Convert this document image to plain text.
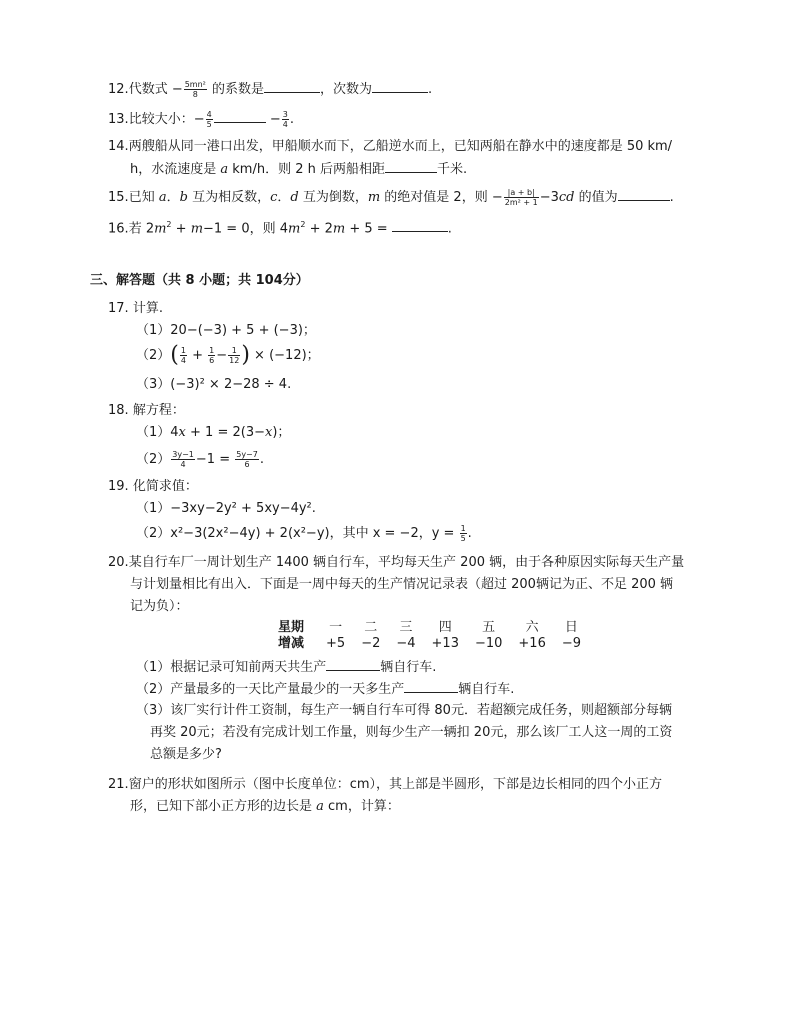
12.代数式 − $\frac{\text{5mn²}}{8}$ 的系数是	，次数为	.
13.比较大小：− $\frac{4}{5}$	− $\frac{3}{4}$ .
14.两艘船从同一港口出发，甲船顺水而下，乙船逆水而上，已知两船在静水中的速度都是 50 km/
h，水流速度是 a km/h．则 2 h 后两船相距	千米.
15.已知 a．b 互为相反数，c．d 互为倒数，m 的绝对值是 2，则 − $\frac{|a + b|}{\text{2m² + 1}} -3cd$ 的值为	.
16.若 $2m^2 + m-1 = 0$，则 $4m^2 + 2m + 5$ =	.
三、解答题（共 8 小题；共 104分）
17. 计算.
（1）20−(−3) + 5 + (−3)；
$(2)( \frac{1}{4} + \frac{1}{6} - \frac{1}{12}$ ) × (−12)；
（3）(−3)² × 2−28 ÷ 4.
18. 解方程：
（1）4x + 1 = 2(3−x)；
$(2) \frac{3y-1}{4} -1 = \frac{5y-7}{6}$ .
19. 化简求值：
（1）−3xy−2y² + 5xy−4y².
（2）x²−3(2x²−4y) + 2(x²−y)，其中 x = −2，$y = \frac{1}{5}$ .
20.某自行车厂一周计划生产 1400 辆自行车，平均每天生产 200 辆，由于各种原因实际每天生产量
与计划量相比有出入．下面是一周中每天的生产情况记录表（超过 200辆记为正、不足 200 辆
记为负）：
星期	一	二	三	四	五	六	日
增减	+5	−2	−4	+13	−10	+16	−9
（1）根据记录可知前两天共生产	辆自行车.
（2）产量最多的一天比产量最少的一天多生产	辆自行车.
（3）该厂实行计件工资制，每生产一辆自行车可得 80元．若超额完成任务，则超额部分每辆
再奖 20元；若没有完成计划工作量，则每少生产一辆扣 20元，那么该厂工人这一周的工资
总额是多少?
21.窗户的形状如图所示（图中长度单位：cm），其上部是半圆形，下部是边长相同的四个小正方
形，已知下部小正方形的边长是 a cm，计算：
